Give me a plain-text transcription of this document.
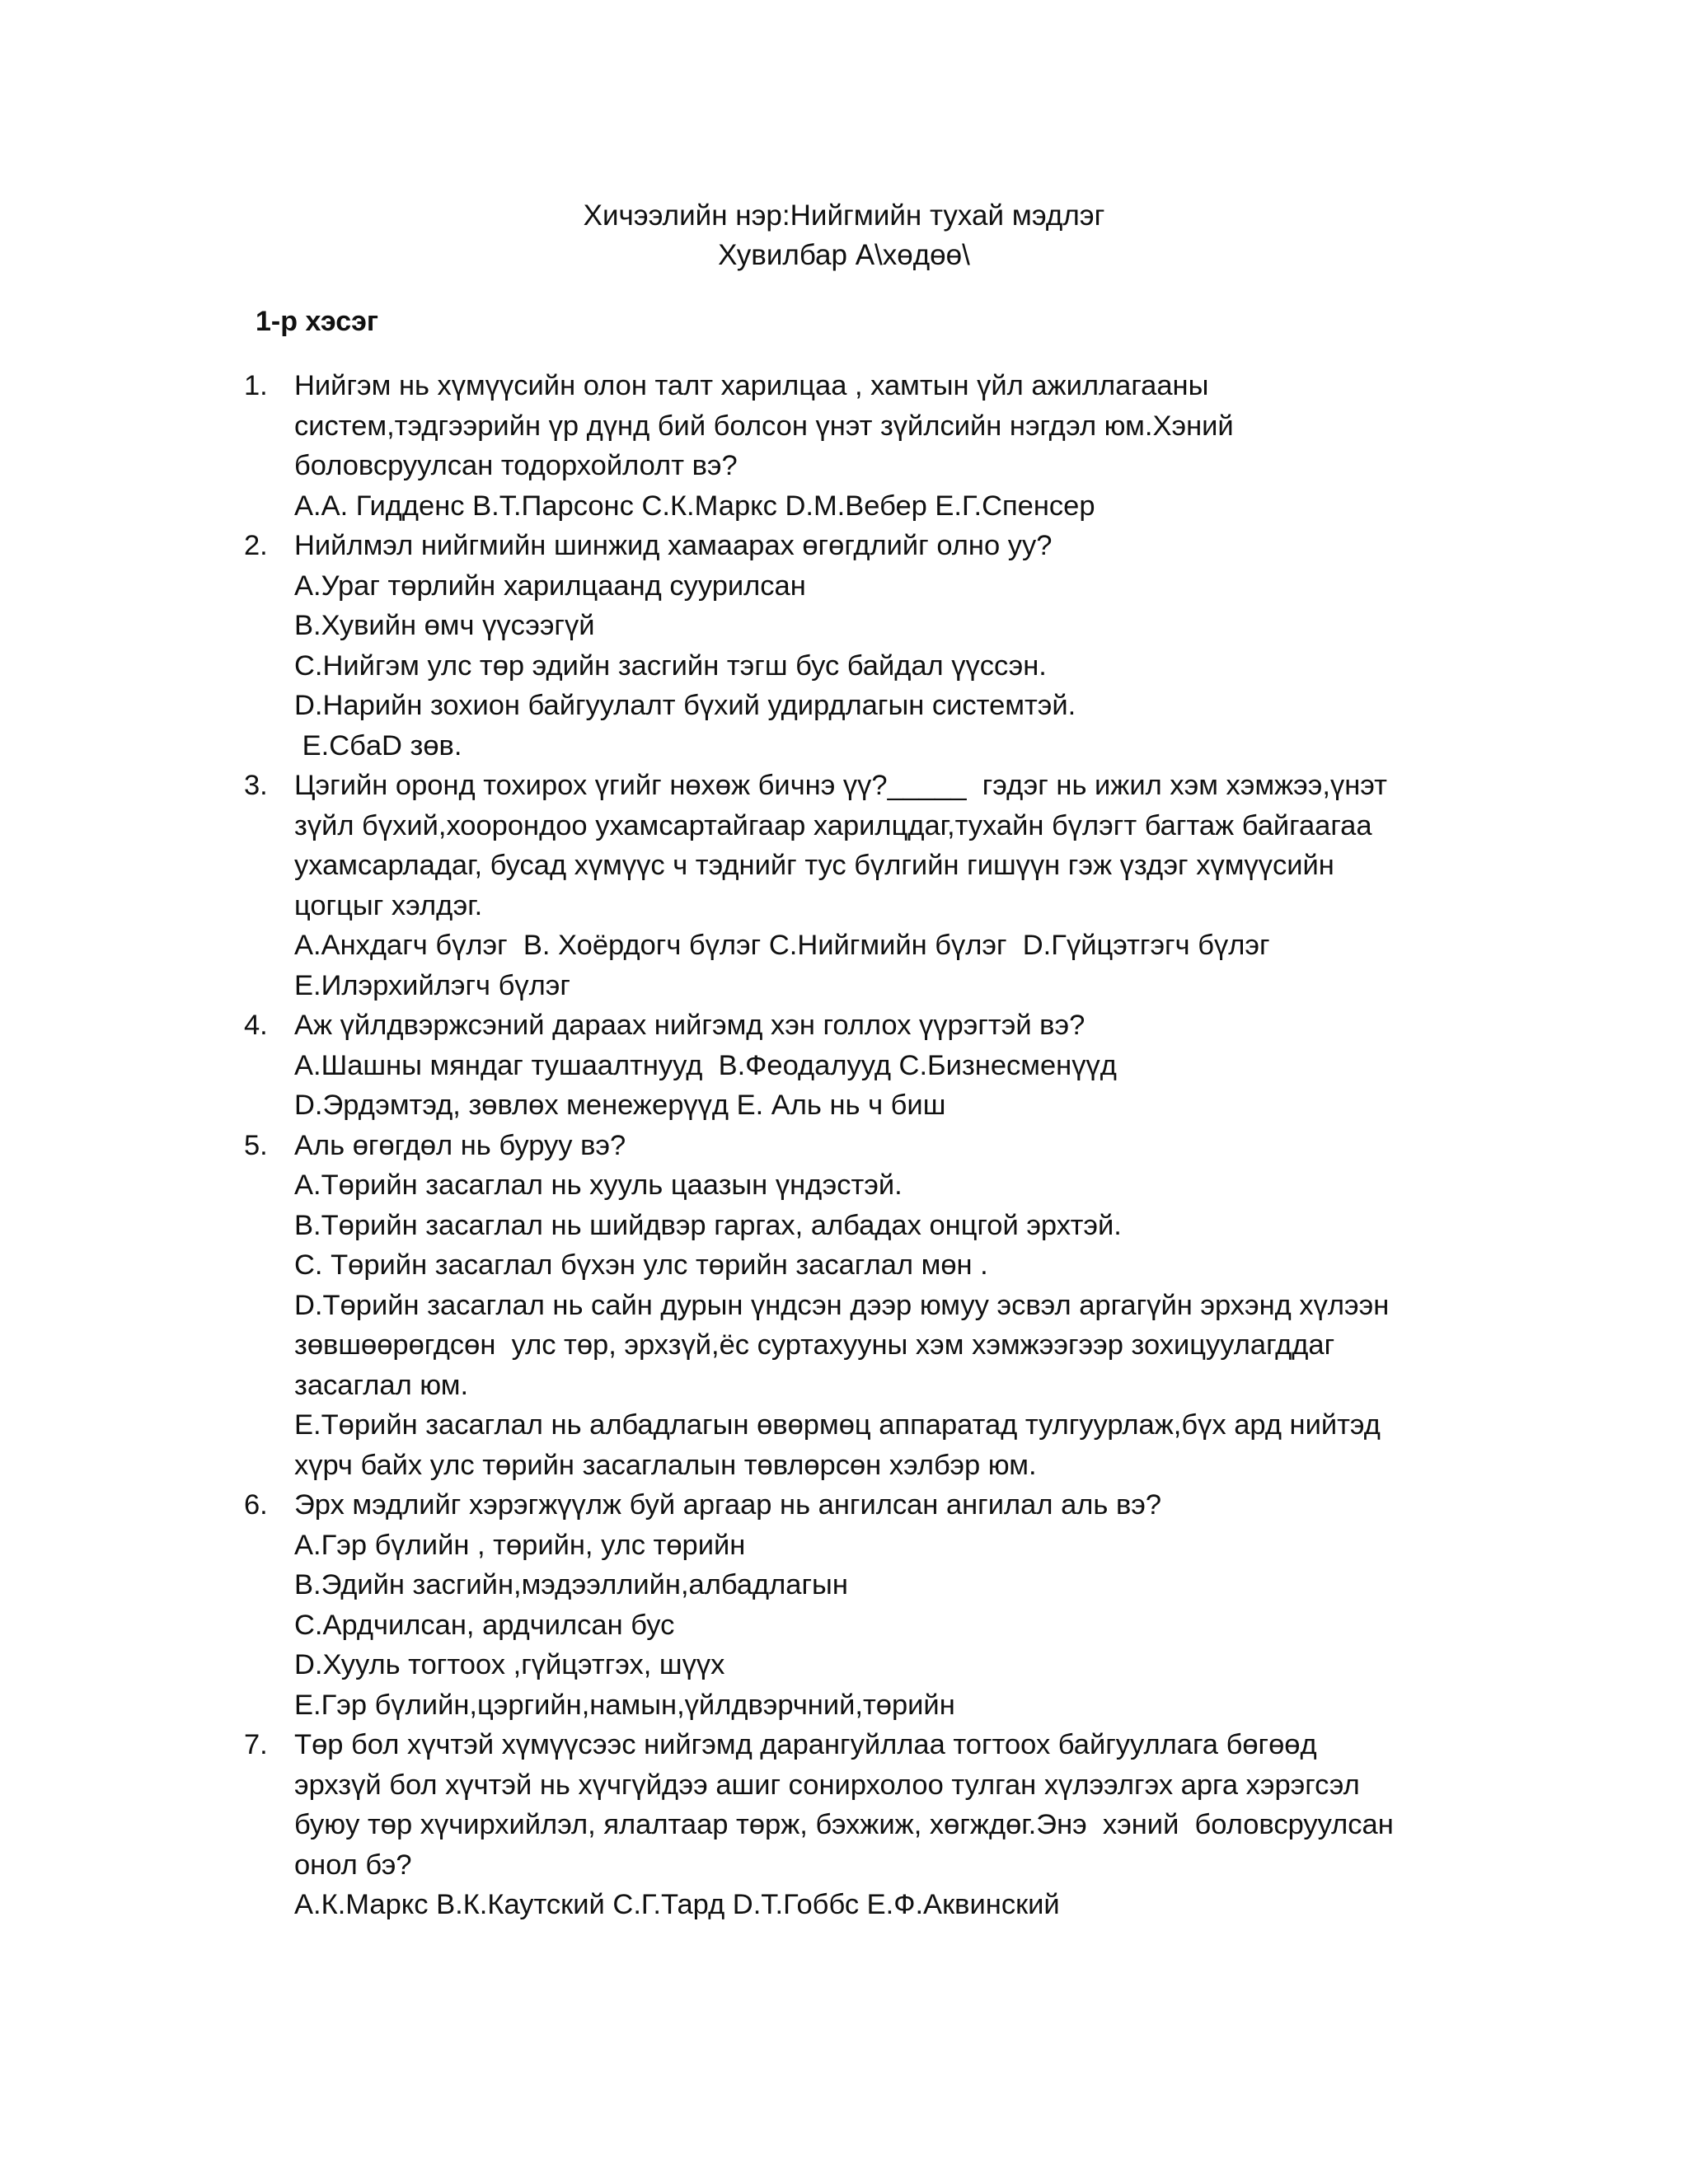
Хичээлийн нэр:Нийгмийн тухай мэдлэг
Хувилбар А\хөдөө\
1-р хэсэг
1. Нийгэм нь хүмүүсийн олон талт харилцаа , хамтын үйл ажиллагааны
систем,тэдгээрийн үр дүнд бий болсон үнэт зүйлсийн нэгдэл юм.Хэний
боловсруулсан тодорхойлолт вэ?
А.А. Гидденс B.Т.Парсонс C.К.Маркс D.М.Вебер E.Г.Спенсер
2. Нийлмэл нийгмийн шинжид хамаарах өгөгдлийг олно уу?
А.Ураг төрлийн харилцаанд суурилсан
B.Хувийн өмч үүсээгүй
C.Нийгэм улс төр эдийн засгийн тэгш бус байдал үүссэн.
D.Нарийн зохион байгуулалт бүхий удирдлагын системтэй.
E.CбaD зөв.
3. Цэгийн оронд тохирох үгийг нөхөж бичнэ үү?_____  гэдэг нь ижил хэм хэмжээ,үнэт
зүйл бүхий,хоорондоо ухамсартайгаар харилцдаг,тухайн бүлэгт багтаж байгаагаа
ухамсарладаг, бусад хүмүүс ч тэднийг тус бүлгийн гишүүн гэж үздэг хүмүүсийн
цогцыг хэлдэг.
А.Анхдагч бүлэг  B. Хоёрдогч бүлэг C.Нийгмийн бүлэг  D.Гүйцэтгэгч бүлэг
E.Илэрхийлэгч бүлэг
4. Аж үйлдвэржсэний дараах нийгэмд хэн голлох үүрэгтэй вэ?
А.Шашны мяндаг тушаалтнууд  B.Феодалууд C.Бизнесменүүд
D.Эрдэмтэд, зөвлөх менежерүүд E. Аль нь ч биш
5. Аль өгөгдөл нь буруу вэ?
А.Төрийн засаглал нь хууль цаазын үндэстэй.
B.Төрийн засаглал нь шийдвэр гаргах, албадах онцгой эрхтэй.
C. Төрийн засаглал бүхэн улс төрийн засаглал мөн .
D.Төрийн засаглал нь сайн дурын үндсэн дээр юмуу эсвэл аргагүйн эрхэнд хүлээн
зөвшөөрөгдсөн  улс төр, эрхзүй,ёс суртахууны хэм хэмжээгээр зохицуулагддаг
засаглал юм.
E.Төрийн засаглал нь албадлагын өвөрмөц аппаратад тулгуурлаж,бүх ард нийтэд
хүрч байх улс төрийн засаглалын төвлөрсөн хэлбэр юм.
6. Эрх мэдлийг хэрэгжүүлж буй аргаар нь ангилсан ангилал аль вэ?
А.Гэр бүлийн , төрийн, улс төрийн
B.Эдийн засгийн,мэдээллийн,албадлагын
C.Ардчилсан, ардчилсан бус
D.Хууль тогтоох ,гүйцэтгэх, шүүх
E.Гэр бүлийн,цэргийн,намын,үйлдвэрчний,төрийн
7. Төр бол хүчтэй хүмүүсээс нийгэмд дарангуйллаа тогтоох байгууллага бөгөөд
эрхзүй бол хүчтэй нь хүчгүйдээ ашиг сонирхолоо тулган хүлээлгэх арга хэрэгсэл
буюу төр хүчирхийлэл, ялалтаар төрж, бэхжиж, хөгждөг.Энэ  хэний  боловсруулсан
онол бэ?
А.К.Маркс B.К.Каутский C.Г.Тард D.Т.Гоббс E.Ф.Аквинский
